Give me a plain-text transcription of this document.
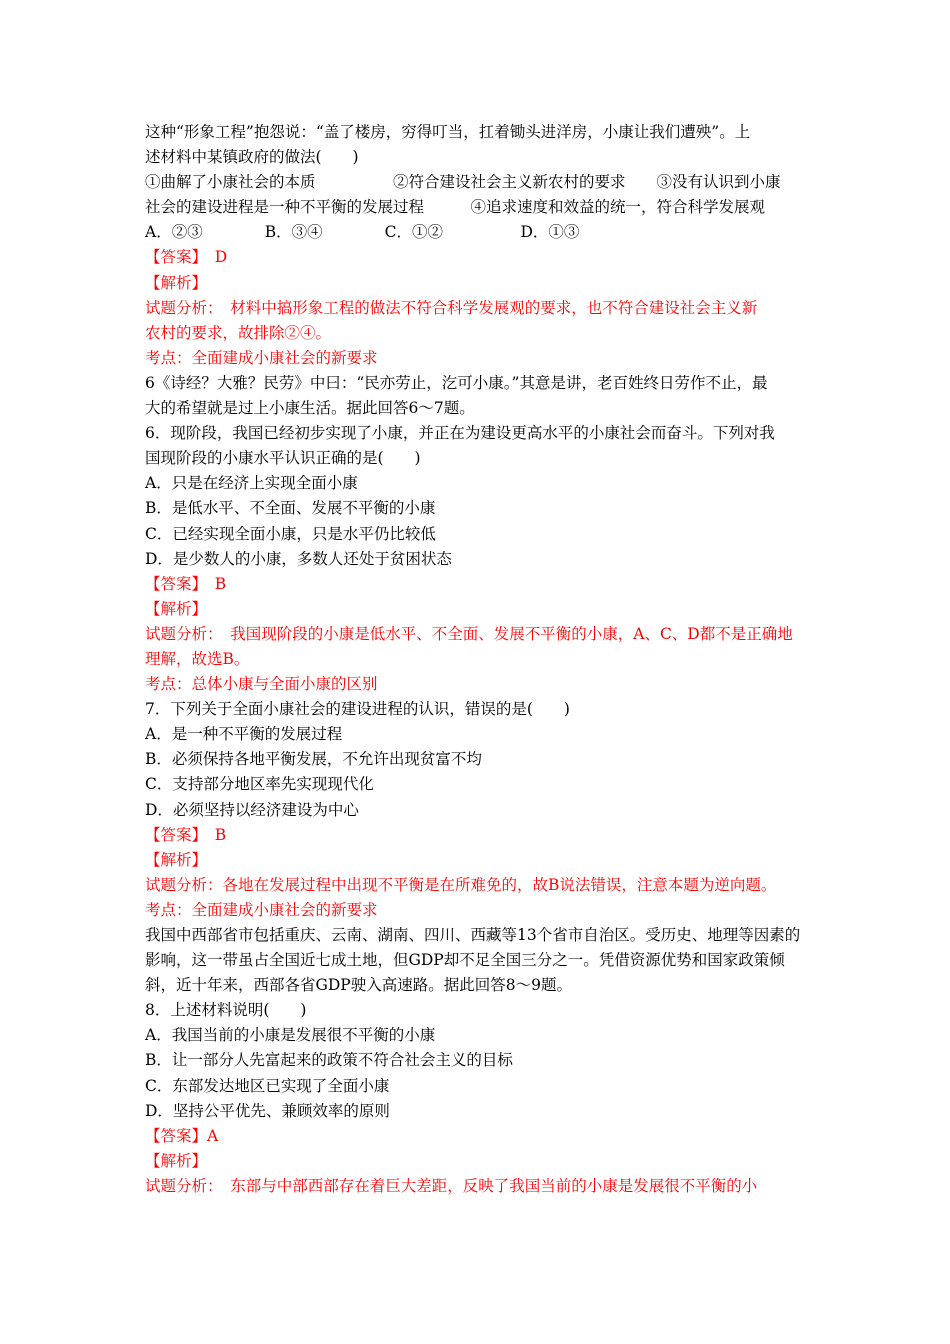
这种“形象工程”抱怨说：“盖了楼房，穷得叮当，扛着锄头进洋房，小康让我们遭殃”。上
述材料中某镇政府的做法(　　)
①曲解了小康社会的本质　　　　　②符合建设社会主义新农村的要求　　③没有认识到小康
社会的建设进程是一种不平衡的发展过程　　　④追求速度和效益的统一，符合科学发展观
A．②③　　　　B．③④　　　　C．①②　　　　　D．①③
【答案】　D
【解析】
试题分析：　材料中搞形象工程的做法不符合科学发展观的要求，也不符合建设社会主义新
农村的要求，故排除②④。
考点：全面建成小康社会的新要求
6《诗经？大雅？民劳》中曰：“民亦劳止，汔可小康。”其意是讲，老百姓终日劳作不止，最
大的希望就是过上小康生活。据此回答6～7题。
6．现阶段，我国已经初步实现了小康，并正在为建设更高水平的小康社会而奋斗。下列对我
国现阶段的小康水平认识正确的是(　　)
A．只是在经济上实现全面小康
B．是低水平、不全面、发展不平衡的小康
C．已经实现全面小康，只是水平仍比较低
D．是少数人的小康，多数人还处于贫困状态
【答案】　B
【解析】
试题分析：　我国现阶段的小康是低水平、不全面、发展不平衡的小康，A、C、D都不是正确地
理解，故选B。
考点：总体小康与全面小康的区别
7．下列关于全面小康社会的建设进程的认识，错误的是(　　)
A．是一种不平衡的发展过程
B．必须保持各地平衡发展，不允许出现贫富不均
C．支持部分地区率先实现现代化
D．必须坚持以经济建设为中心
【答案】　B
【解析】
试题分析：各地在发展过程中出现不平衡是在所难免的，故B说法错误，注意本题为逆向题。
考点：全面建成小康社会的新要求
我国中西部省市包括重庆、云南、湖南、四川、西藏等13个省市自治区。受历史、地理等因素的
影响，这一带虽占全国近七成土地，但GDP却不足全国三分之一。凭借资源优势和国家政策倾
斜，近十年来，西部各省GDP驶入高速路。据此回答8～9题。
8．上述材料说明(　　)
A．我国当前的小康是发展很不平衡的小康
B．让一部分人先富起来的政策不符合社会主义的目标
C．东部发达地区已实现了全面小康
D．坚持公平优先、兼顾效率的原则
【答案】A
【解析】
试题分析：　东部与中部西部存在着巨大差距，反映了我国当前的小康是发展很不平衡的小
